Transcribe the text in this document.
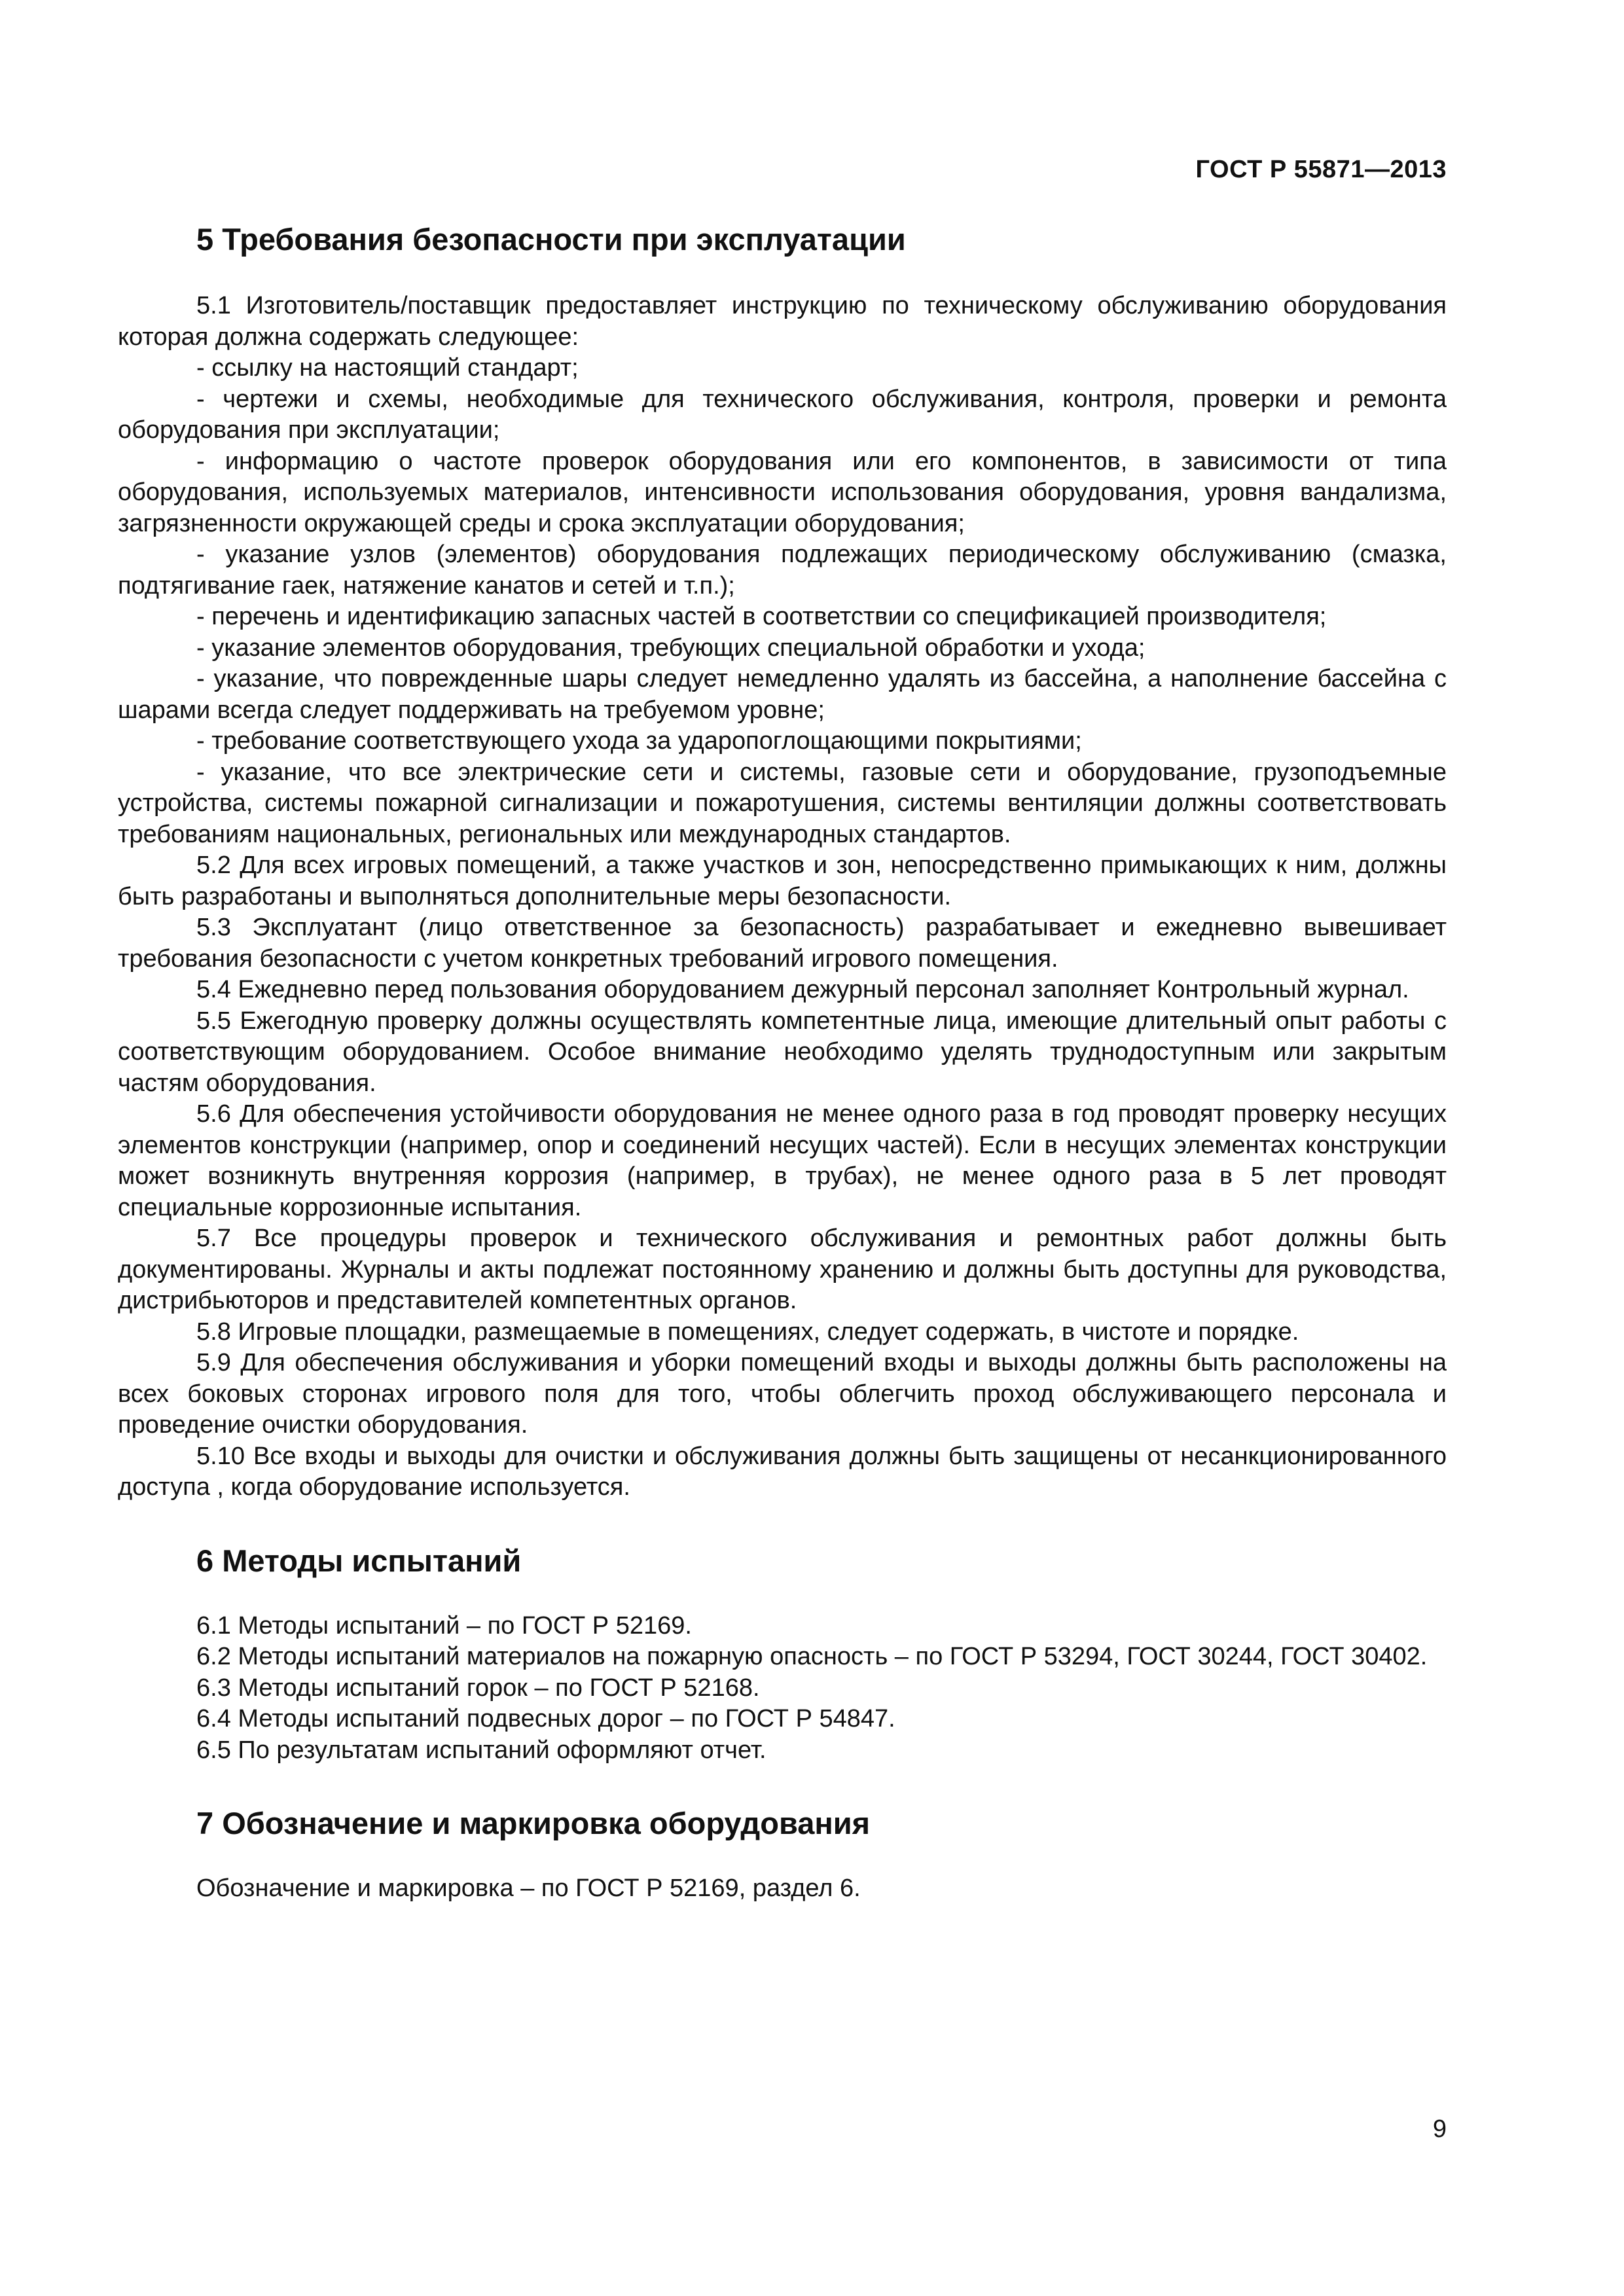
ГОСТ Р 55871—2013
5 Требования безопасности при эксплуатации

5.1 Изготовитель/поставщик предоставляет инструкцию по техническому обслуживанию оборудования которая должна содержать следующее:

- ссылку на настоящий стандарт;

- чертежи и схемы, необходимые для технического обслуживания, контроля, проверки и ремонта оборудования при эксплуатации;

- информацию о частоте проверок оборудования или его компонентов, в зависимости от типа оборудования, используемых материалов, интенсивности использования оборудования, уровня вандализма, загрязненности окружающей среды и срока эксплуатации оборудования;

- указание узлов (элементов) оборудования подлежащих периодическому обслуживанию (смазка, подтягивание гаек, натяжение канатов и сетей и т.п.);

- перечень и идентификацию запасных частей в соответствии со спецификацией производителя;

- указание элементов оборудования, требующих специальной обработки и ухода;

- указание, что поврежденные шары следует немедленно удалять из бассейна, а наполнение бассейна с шарами всегда следует поддерживать на требуемом уровне;

- требование соответствующего ухода за ударопоглощающими покрытиями;

- указание, что все электрические сети и системы, газовые сети и оборудование, грузоподъемные устройства, системы пожарной сигнализации и пожаротушения, системы вентиляции должны соответствовать требованиям национальных, региональных или международных стандартов.

5.2 Для всех игровых помещений, а также участков и зон, непосредственно примыкающих к ним, должны быть разработаны и выполняться дополнительные меры безопасности.

5.3 Эксплуатант (лицо ответственное за безопасность) разрабатывает и ежедневно вывешивает требования безопасности с учетом конкретных требований игрового помещения.

5.4 Ежедневно перед пользования оборудованием дежурный персонал заполняет Контрольный журнал.

5.5 Ежегодную проверку должны осуществлять компетентные лица, имеющие длительный опыт работы с соответствующим оборудованием. Особое внимание необходимо уделять труднодоступным или закрытым частям оборудования.

5.6 Для обеспечения устойчивости оборудования не менее одного раза в год проводят проверку несущих элементов конструкции (например, опор и соединений несущих частей). Если в несущих элементах конструкции может возникнуть внутренняя коррозия (например, в трубах), не менее одного раза в 5 лет проводят специальные коррозионные испытания.

5.7 Все процедуры проверок и технического обслуживания и ремонтных работ должны быть документированы. Журналы и акты подлежат постоянному хранению и должны быть доступны для руководства, дистрибьюторов и представителей компетентных органов.

5.8 Игровые площадки, размещаемые в помещениях, следует содержать, в чистоте и порядке.

5.9 Для обеспечения обслуживания и уборки помещений входы и выходы должны быть расположены на всех боковых сторонах игрового поля для того, чтобы облегчить проход обслуживающего персонала и проведение очистки оборудования.

5.10 Все входы и выходы для очистки и обслуживания должны быть защищены от несанкционированного доступа , когда оборудование используется.

6 Методы испытаний

6.1 Методы испытаний – по ГОСТ Р 52169.

6.2 Методы испытаний материалов на пожарную опасность – по ГОСТ Р 53294, ГОСТ 30244, ГОСТ 30402.

6.3 Методы испытаний горок – по ГОСТ Р 52168.

6.4 Методы испытаний подвесных дорог – по ГОСТ Р 54847.

6.5 По результатам испытаний оформляют отчет.

7 Обозначение и маркировка оборудования

Обозначение и маркировка – по ГОСТ Р 52169, раздел 6.

9
